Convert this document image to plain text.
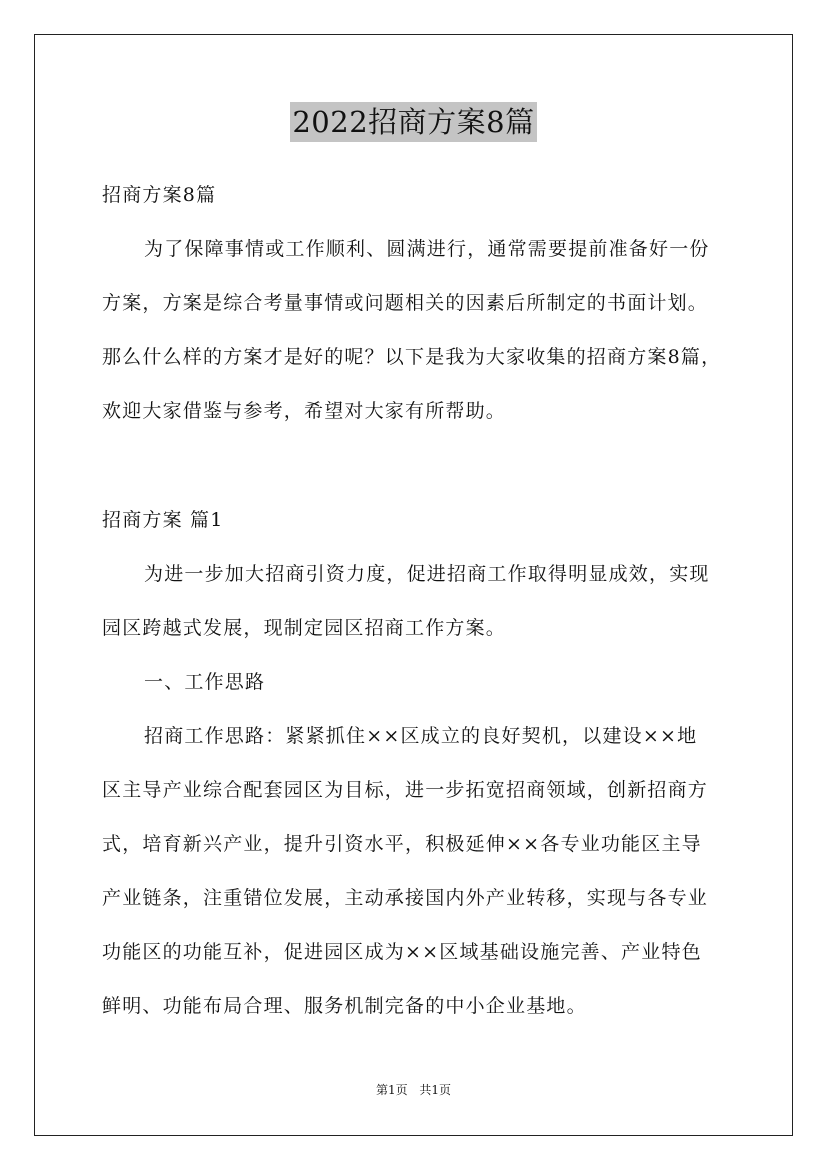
2022招商方案8篇
招商方案8篇
为了保障事情或工作顺利、圆满进行，通常需要提前准备好一份
方案，方案是综合考量事情或问题相关的因素后所制定的书面计划。
那么什么样的方案才是好的呢？以下是我为大家收集的招商方案8篇，
欢迎大家借鉴与参考，希望对大家有所帮助。
招商方案 篇1
为进一步加大招商引资力度，促进招商工作取得明显成效，实现
园区跨越式发展，现制定园区招商工作方案。
一、工作思路
招商工作思路：紧紧抓住××区成立的良好契机，以建设××地
区主导产业综合配套园区为目标，进一步拓宽招商领域，创新招商方
式，培育新兴产业，提升引资水平，积极延伸××各专业功能区主导
产业链条，注重错位发展，主动承接国内外产业转移，实现与各专业
功能区的功能互补，促进园区成为××区域基础设施完善、产业特色
鲜明、功能布局合理、服务机制完备的中小企业基地。
第1页 共1页
